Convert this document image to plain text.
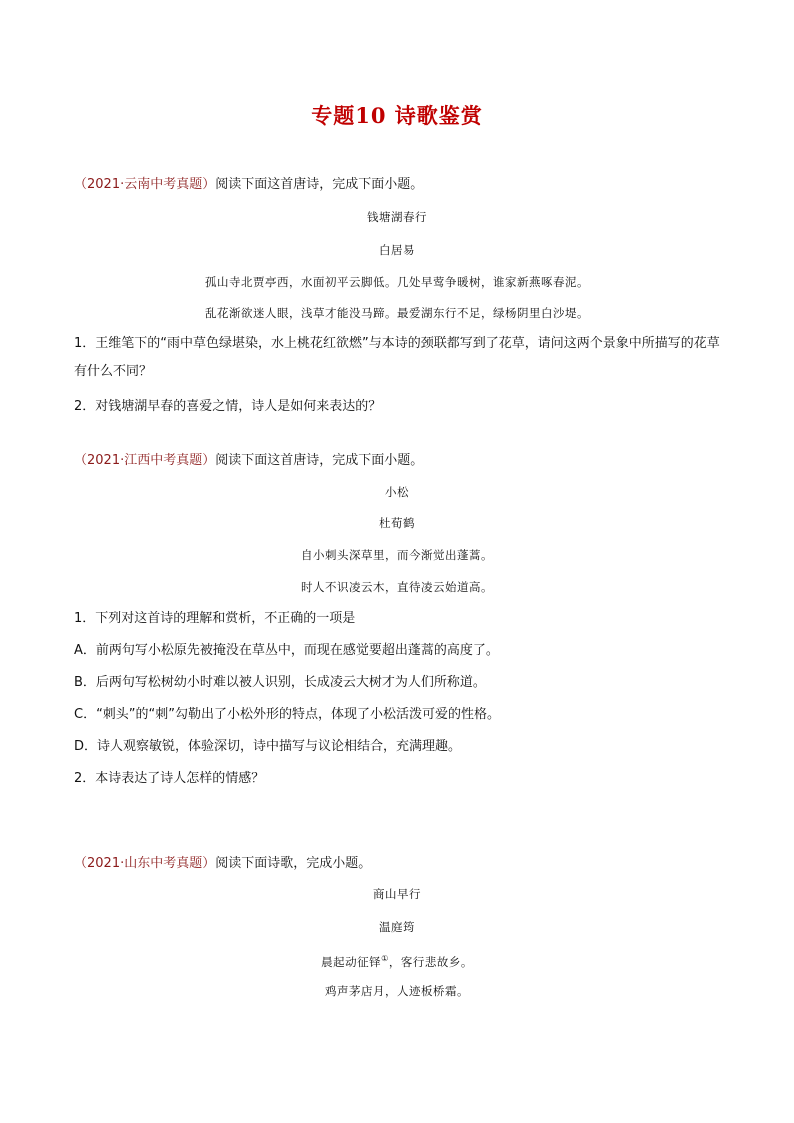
专题10 诗歌鉴赏
（2021·云南中考真题）阅读下面这首唐诗，完成下面小题。
钱塘湖春行
白居易
孤山寺北贾亭西，水面初平云脚低。几处早莺争暖树，谁家新燕啄春泥。
乱花渐欲迷人眼，浅草才能没马蹄。最爱湖东行不足，绿杨阴里白沙堤。
1．王维笔下的“雨中草色绿堪染，水上桃花红欲燃”与本诗的颈联都写到了花草，请问这两个景象中所描写的花草有什么不同？
2．对钱塘湖早春的喜爱之情，诗人是如何来表达的？
（2021·江西中考真题）阅读下面这首唐诗，完成下面小题。
小松
杜荀鹤
自小刺头深草里，而今渐觉出蓬蒿。
时人不识凌云木，直待凌云始道高。
1．下列对这首诗的理解和赏析，不正确的一项是
A．前两句写小松原先被掩没在草丛中，而现在感觉要超出蓬蒿的高度了。
B．后两句写松树幼小时难以被人识别，长成凌云大树才为人们所称道。
C．“刺头”的“刺”勾勒出了小松外形的特点，体现了小松活泼可爱的性格。
D．诗人观察敏锐，体验深切，诗中描写与议论相结合，充满理趣。
2．本诗表达了诗人怎样的情感？
（2021·山东中考真题）阅读下面诗歌，完成小题。
商山早行
温庭筠
晨起动征铎①，客行悲故乡。
鸡声茅店月，人迹板桥霜。
